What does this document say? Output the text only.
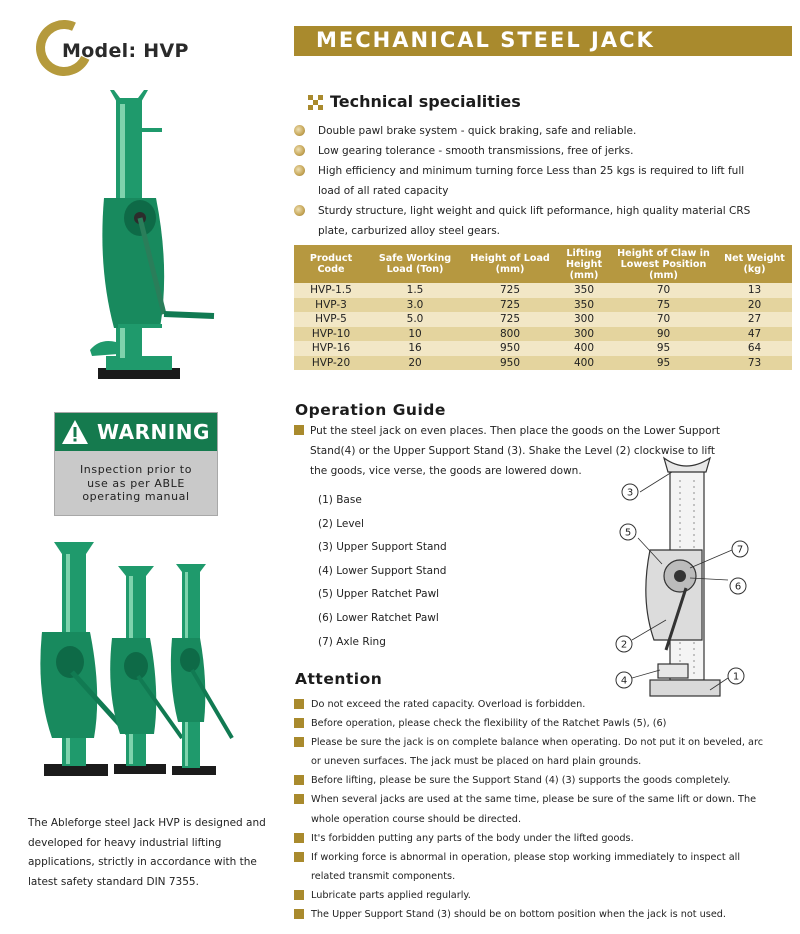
Model: HVP	MECHANICAL STEEL JACK
Technical specialities
Double pawl brake system - quick braking, safe and reliable.
Low gearing tolerance - smooth transmissions, free of jerks.
High efficiency and minimum turning force Less than 25 kgs is required to lift full load of all rated capacity
Sturdy structure, light weight and quick lift peformance, high quality material CRS plate, carburized alloy steel gears.
Product Code	Safe Working Load (Ton)	Height of Load (mm)	Lifting Height (mm)	Height of Claw in Lowest Position (mm)	Net Weight (kg)
HVP-1.5	1.5	725	350	70	13
HVP-3	3.0	725	350	75	20
HVP-5	5.0	725	300	70	27
HVP-10	10	800	300	90	47
HVP-16	16	950	400	95	64
HVP-20	20	950	400	95	73
Operation Guide

Put the steel jack on even places. Then place the goods on the Lower Support Stand(4) or the Upper Support Stand (3). Shake the Level (2) clockwise to lift the goods, vice verse, the goods are lowered down.

(1) Base
(2) Level
(3) Upper Support Stand
(4) Lower Support Stand
(5) Upper Ratchet Pawl
(6) Lower Ratchet Pawl
(7) Axle Ring
Attention
Do not exceed the rated capacity. Overload is forbidden.
Before operation, please check the flexibility of the Ratchet Pawls (5), (6)
Please be sure the jack is on complete balance when operating. Do not put it on beveled, arc or uneven surfaces. The jack must be placed on hard plain grounds.
Before lifting, please be sure the Support Stand (4) (3) supports the goods completely.
When several jacks are used at the same time, please be sure of the same lift or down. The whole operation course should be directed.
It's forbidden putting any parts of the body under the lifted goods.
If working force is abnormal in operation, please stop working immediately to inspect all related transmit components.
Lubricate parts applied regularly.
The Upper Support Stand (3) should be on bottom position when the jack is not used.
WARNING
Inspection prior to
use as per ABLE
operating manual
The Ableforge steel Jack HVP is designed and developed for heavy industrial lifting applications, strictly in accordance with the latest safety standard DIN 7355.
3
5
7
6
2
4	1
